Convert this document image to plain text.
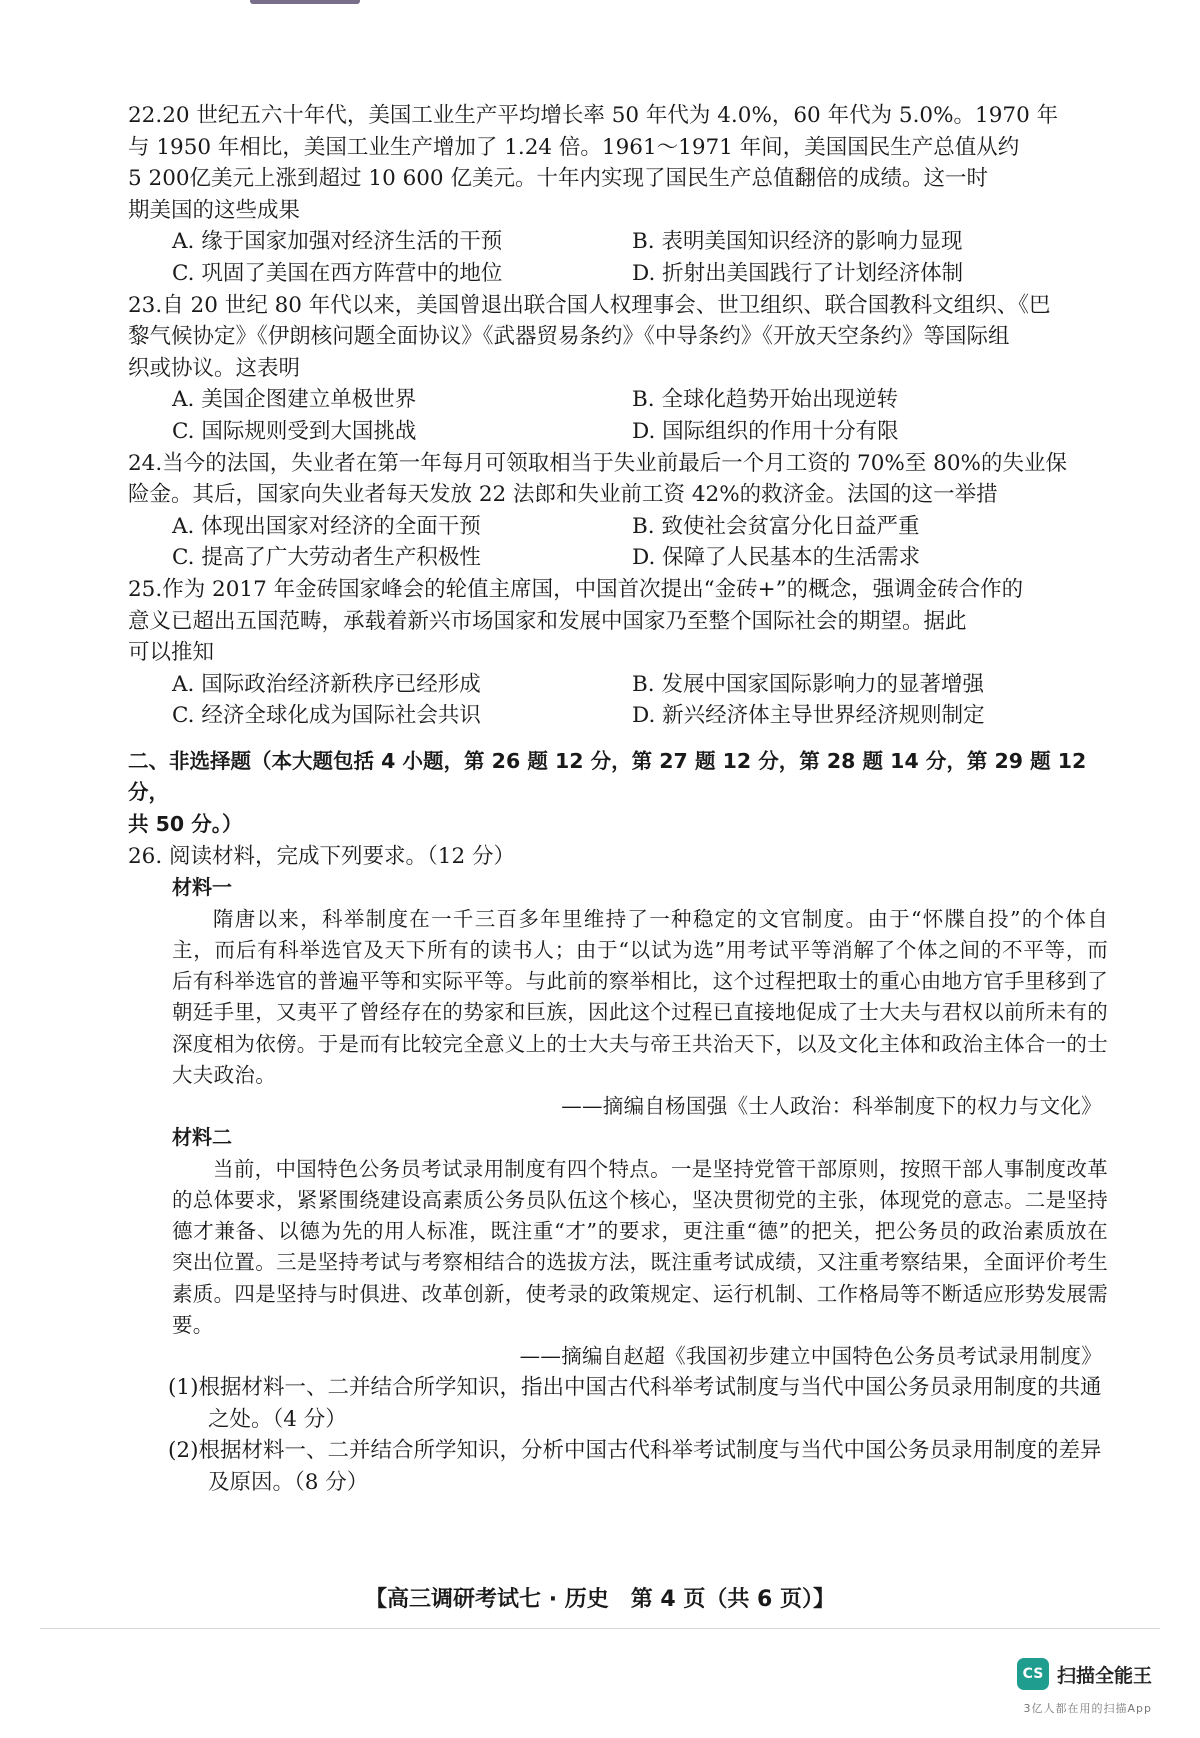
22.20 世纪五六十年代，美国工业生产平均增长率 50 年代为 4.0%，60 年代为 5.0%。1970 年
与 1950 年相比，美国工业生产增加了 1.24 倍。1961～1971 年间，美国国民生产总值从约
5 200亿美元上涨到超过 10 600 亿美元。十年内实现了国民生产总值翻倍的成绩。这一时
期美国的这些成果
A. 缘于国家加强对经济生活的干预	B. 表明美国知识经济的影响力显现
C. 巩固了美国在西方阵营中的地位	D. 折射出美国践行了计划经济体制
23.自 20 世纪 80 年代以来，美国曾退出联合国人权理事会、世卫组织、联合国教科文组织、《巴
黎气候协定》《伊朗核问题全面协议》《武器贸易条约》《中导条约》《开放天空条约》等国际组
织或协议。这表明
A. 美国企图建立单极世界	B. 全球化趋势开始出现逆转
C. 国际规则受到大国挑战	D. 国际组织的作用十分有限
24.当今的法国，失业者在第一年每月可领取相当于失业前最后一个月工资的 70%至 80%的失业保
险金。其后，国家向失业者每天发放 22 法郎和失业前工资 42%的救济金。法国的这一举措
A. 体现出国家对经济的全面干预	B. 致使社会贫富分化日益严重
C. 提高了广大劳动者生产积极性	D. 保障了人民基本的生活需求
25.作为 2017 年金砖国家峰会的轮值主席国，中国首次提出“金砖+”的概念，强调金砖合作的
意义已超出五国范畴，承载着新兴市场国家和发展中国家乃至整个国际社会的期望。据此
可以推知
A. 国际政治经济新秩序已经形成	B. 发展中国家国际影响力的显著增强
C. 经济全球化成为国际社会共识	D. 新兴经济体主导世界经济规则制定
二、非选择题（本大题包括 4 小题，第 26 题 12 分，第 27 题 12 分，第 28 题 14 分，第 29 题 12 分，
共 50 分。）
26. 阅读材料，完成下列要求。（12 分）
材料一

隋唐以来，科举制度在一千三百多年里维持了一种稳定的文官制度。由于“怀牒自投”的个体自主，而后有科举选官及天下所有的读书人；由于“以试为选”用考试平等消解了个体之间的不平等，而后有科举选官的普遍平等和实际平等。与此前的察举相比，这个过程把取士的重心由地方官手里移到了朝廷手里，又夷平了曾经存在的势家和巨族，因此这个过程已直接地促成了士大夫与君权以前所未有的深度相为依傍。于是而有比较完全意义上的士大夫与帝王共治天下，以及文化主体和政治主体合一的士大夫政治。

——摘编自杨国强《士人政治：科举制度下的权力与文化》
材料二

当前，中国特色公务员考试录用制度有四个特点。一是坚持党管干部原则，按照干部人事制度改革的总体要求，紧紧围绕建设高素质公务员队伍这个核心，坚决贯彻党的主张，体现党的意志。二是坚持德才兼备、以德为先的用人标准，既注重“才”的要求，更注重“德”的把关，把公务员的政治素质放在突出位置。三是坚持考试与考察相结合的选拔方法，既注重考试成绩，又注重考察结果，全面评价考生素质。四是坚持与时俱进、改革创新，使考录的政策规定、运行机制、工作格局等不断适应形势发展需要。

——摘编自赵超《我国初步建立中国特色公务员考试录用制度》
(1)根据材料一、二并结合所学知识，指出中国古代科举考试制度与当代中国公务员录用制度的共通之处。（4 分）
(2)根据材料一、二并结合所学知识，分析中国古代科举考试制度与当代中国公务员录用制度的差异及原因。（8 分）
【高三调研考试七 · 历史　第 4 页（共 6 页）】
CS 扫描全能王
3亿人都在用的扫描App
